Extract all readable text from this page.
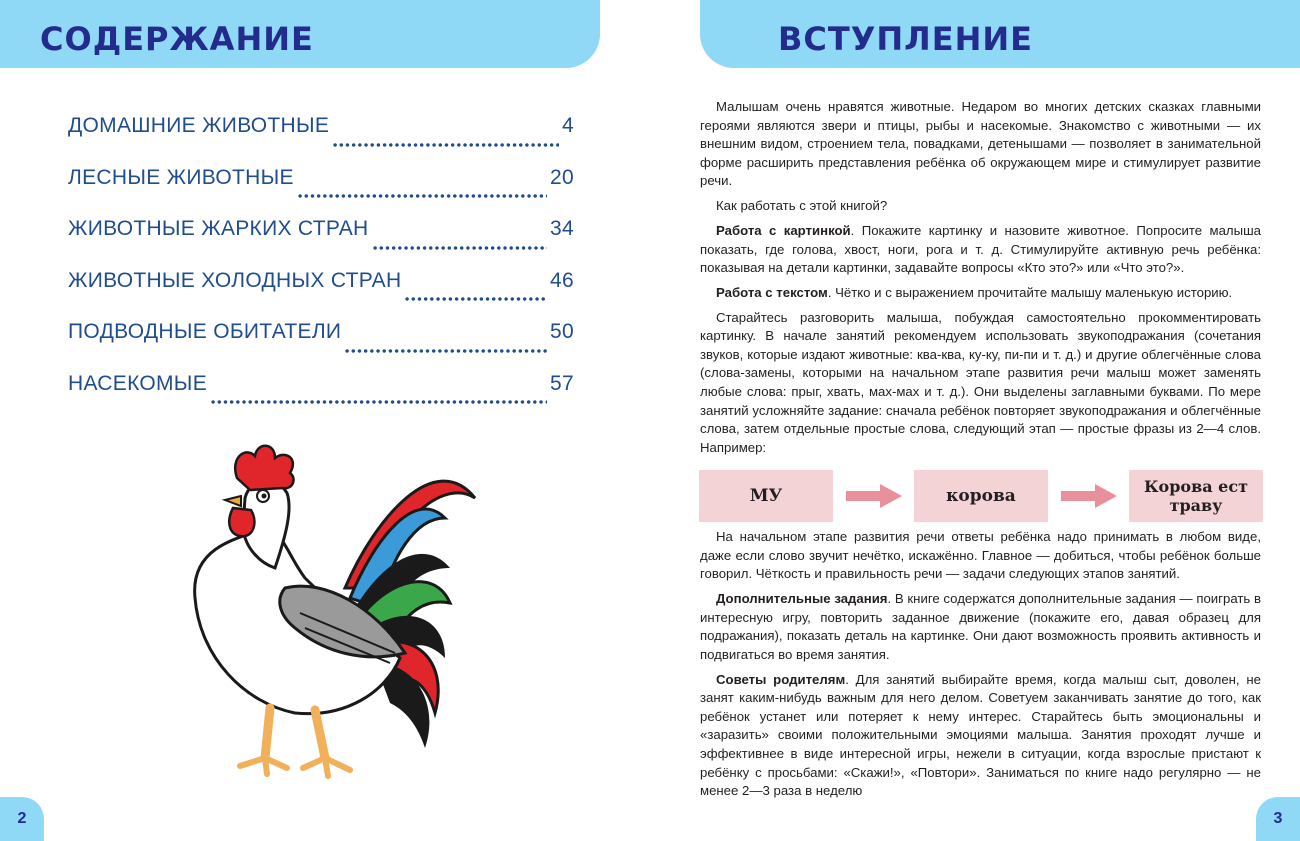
СОДЕРЖАНИЕ
ДОМАШНИЕ ЖИВОТНЫЕ	4
ЛЕСНЫЕ ЖИВОТНЫЕ	20
ЖИВОТНЫЕ ЖАРКИХ СТРАН	34
ЖИВОТНЫЕ ХОЛОДНЫХ СТРАН	46
ПОДВОДНЫЕ ОБИТАТЕЛИ	50
НАСЕКОМЫЕ	57
2
ВСТУПЛЕНИЕ

Малышам очень нравятся животные. Недаром во многих детских сказках главными героями являются звери и птицы, рыбы и насекомые. Знакомство с животными — их внешним видом, строением тела, повадками, детенышами — позволяет в занимательной форме расширить представления ребёнка об окружающем мире и стимулирует развитие речи.

Как работать с этой книгой?

Работа с картинкой. Покажите картинку и назовите животное. Попросите малыша показать, где голова, хвост, ноги, рога и т. д. Стимулируйте активную речь ребёнка: показывая на детали картинки, задавайте вопросы «Кто это?» или «Что это?».

Работа с текстом. Чётко и с выражением прочитайте малышу маленькую историю.

Старайтесь разговорить малыша, побуждая самостоятельно прокомментировать картинку. В начале занятий рекомендуем использовать звукоподражания (сочетания звуков, которые издают животные: ква-ква, ку-ку, пи-пи и т. д.) и другие облегчённые слова (слова-замены, которыми на начальном этапе развития речи малыш может заменять любые слова: прыг, хвать, мах-мах и т. д.). Они выделены заглавными буквами. По мере занятий усложняйте задание: сначала ребёнок повторяет звукоподражания и облегчённые слова, затем отдельные простые слова, следующий этап — простые фразы из 2—4 слов. Например:

МУ	корова	Корова ест траву

На начальном этапе развития речи ответы ребёнка надо принимать в любом виде, даже если слово звучит нечётко, искажённо. Главное — добиться, чтобы ребёнок больше говорил. Чёткость и правильность речи — задачи следующих этапов занятий.

Дополнительные задания. В книге содержатся дополнительные задания — поиграть в интересную игру, повторить заданное движение (покажите его, давая образец для подражания), показать деталь на картинке. Они дают возможность проявить активность и подвигаться во время занятия.

Советы родителям. Для занятий выбирайте время, когда малыш сыт, доволен, не занят каким-нибудь важным для него делом. Советуем заканчивать занятие до того, как ребёнок устанет или потеряет к нему интерес. Старайтесь быть эмоциональны и «заразить» своими положительными эмоциями малыша. Занятия проходят лучше и эффективнее в виде интересной игры, нежели в ситуации, когда взрослые пристают к ребёнку с просьбами: «Скажи!», «Повтори». Заниматься по книге надо регулярно — не менее 2—3 раза в неделю

3
